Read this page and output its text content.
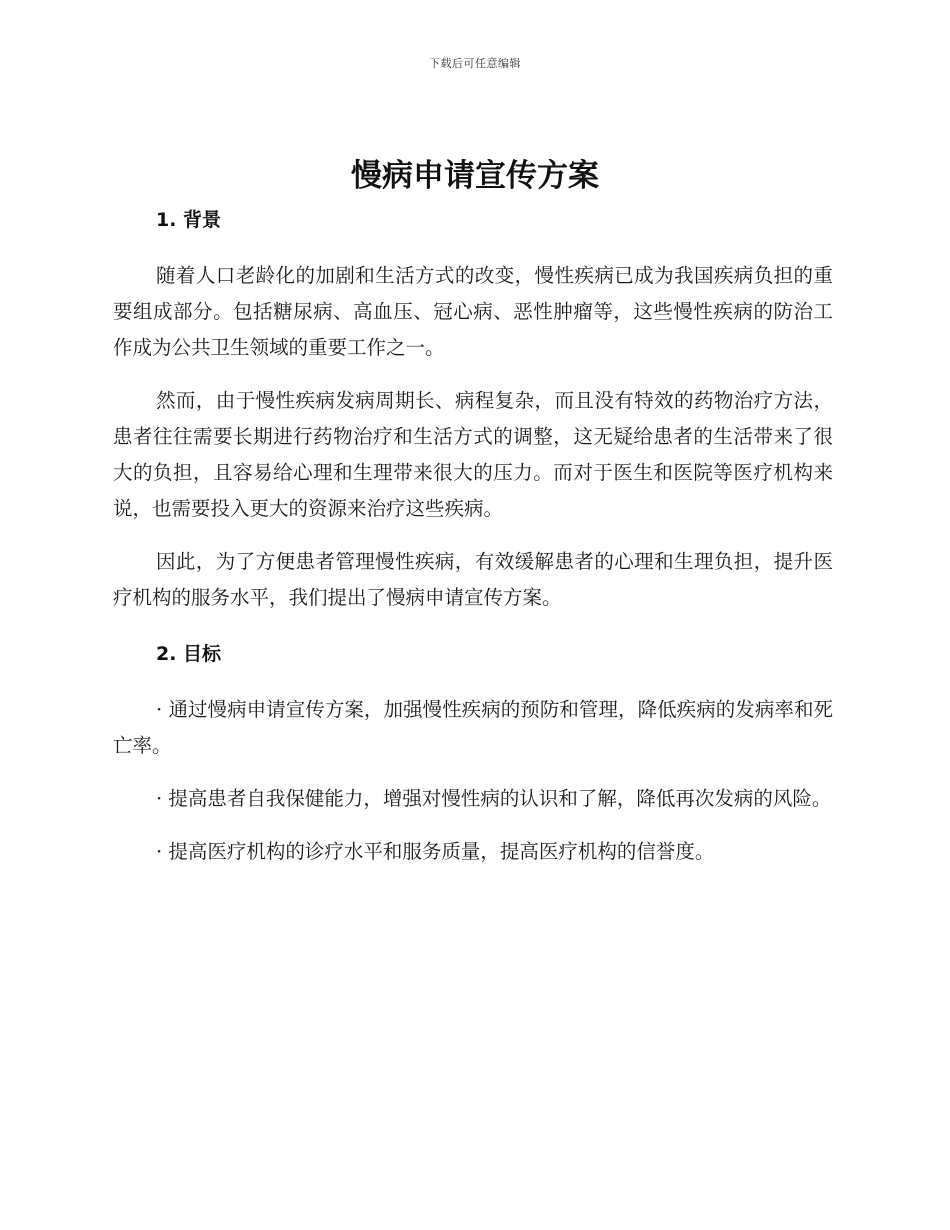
下载后可任意编辑
慢病申请宣传方案
1. 背景

随着人口老龄化的加剧和生活方式的改变，慢性疾病已成为我国疾病负担的重要组成部分。包括糖尿病、高血压、冠心病、恶性肿瘤等，这些慢性疾病的防治工作成为公共卫生领域的重要工作之一。

然而，由于慢性疾病发病周期长、病程复杂，而且没有特效的药物治疗方法，患者往往需要长期进行药物治疗和生活方式的调整，这无疑给患者的生活带来了很大的负担，且容易给心理和生理带来很大的压力。而对于医生和医院等医疗机构来说，也需要投入更大的资源来治疗这些疾病。

因此，为了方便患者管理慢性疾病，有效缓解患者的心理和生理负担，提升医疗机构的服务水平，我们提出了慢病申请宣传方案。

2. 目标

· 通过慢病申请宣传方案，加强慢性疾病的预防和管理，降低疾病的发病率和死亡率。

· 提高患者自我保健能力，增强对慢性病的认识和了解，降低再次发病的风险。

· 提高医疗机构的诊疗水平和服务质量，提高医疗机构的信誉度。
